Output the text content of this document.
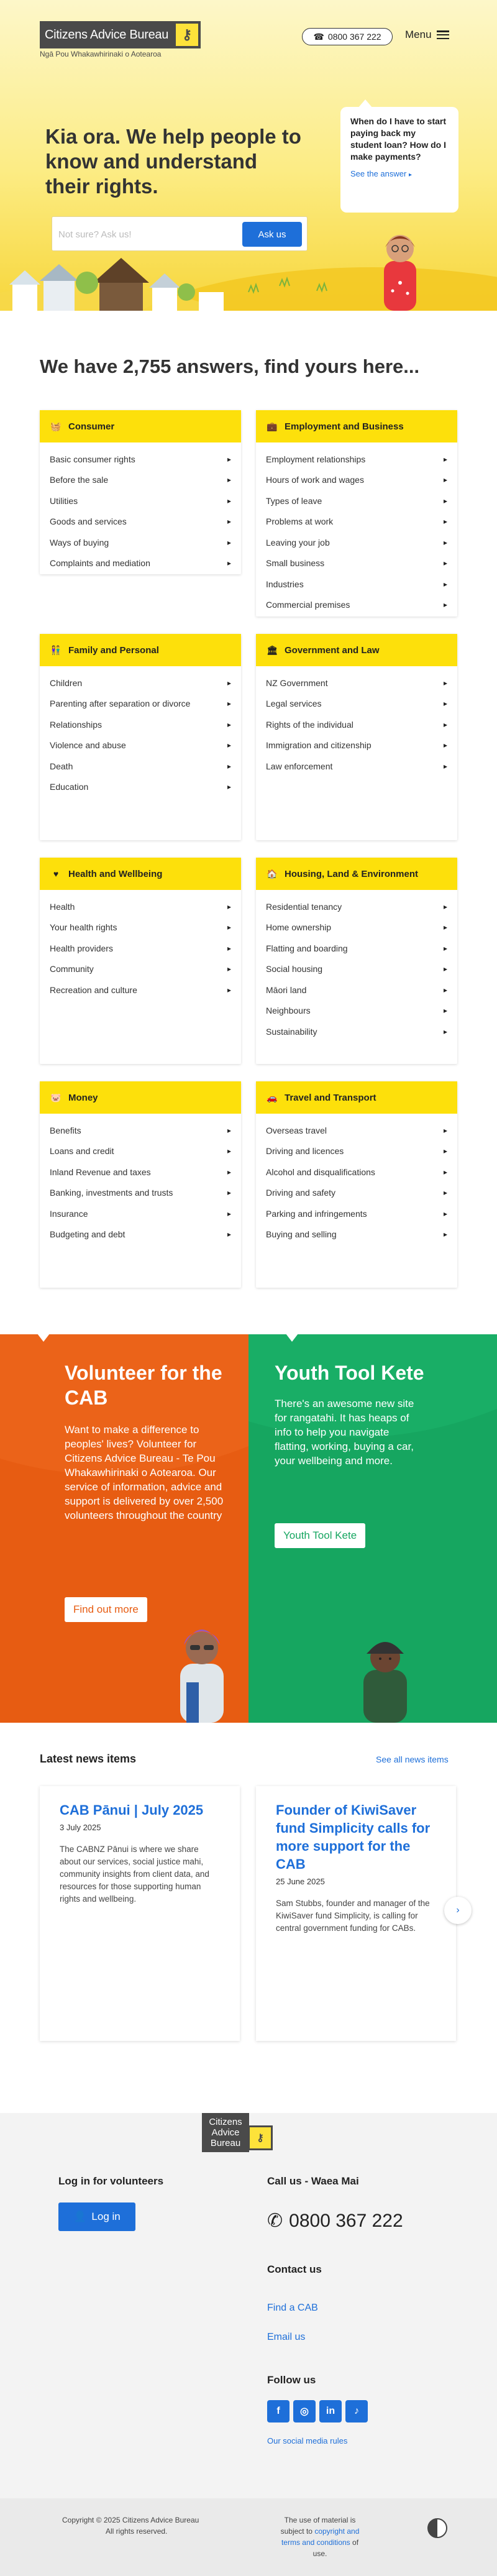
Citizens Advice Bureau ⚷
Ngā Pou Whakawhirinaki o Aotearoa
☎ 0800 367 222 Menu
Kia ora. We help people to know and understand their rights.
Not sure? Ask us!
Ask us

When do I have to start paying back my student loan? How do I make payments?

See the answer ▸
We have 2,755 answers, find yours here...
🧺 Consumer
Basic consumer rights	▸
Before the sale	▸
Utilities	▸
Goods and services	▸
Ways of buying	▸
Complaints and mediation	▸
💼 Employment and Business
Employment relationships	▸
Hours of work and wages	▸
Types of leave	▸
Problems at work	▸
Leaving your job	▸
Small business	▸
Industries	▸
Commercial premises	▸
👫 Family and Personal
Children	▸
Parenting after separation or divorce	▸
Relationships	▸
Violence and abuse	▸
Death	▸
Education	▸
🏛 Government and Law
NZ Government	▸
Legal services	▸
Rights of the individual	▸
Immigration and citizenship	▸
Law enforcement	▸
♥ Health and Wellbeing
Health	▸
Your health rights	▸
Health providers	▸
Community	▸
Recreation and culture	▸
🏠 Housing, Land & Environment
Residential tenancy	▸
Home ownership	▸
Flatting and boarding	▸
Social housing	▸
Māori land	▸
Neighbours	▸
Sustainability	▸
🐷 Money
Benefits	▸
Loans and credit	▸
Inland Revenue and taxes	▸
Banking, investments and trusts	▸
Insurance	▸
Budgeting and debt	▸
🚗 Travel and Transport
Overseas travel	▸
Driving and licences	▸
Alcohol and disqualifications	▸
Driving and safety	▸
Parking and infringements	▸
Buying and selling	▸
Volunteer for the CAB

Want to make a difference to peoples' lives? Volunteer for Citizens Advice Bureau - Te Pou Whakawhirinaki o Aotearoa. Our service of information, advice and support is delivered by over 2,500 volunteers throughout the country

Find out more
Youth Tool Kete

There's an awesome new site for rangatahi. It has heaps of info to help you navigate flatting, working, buying a car, your wellbeing and more.

Youth Tool Kete
Latest news items	See all news items
CAB Pānui | July 2025
3 July 2025

The CABNZ Pānui is where we share about our services, social justice mahi, community insights from client data, and resources for those supporting human rights and wellbeing.

Founder of KiwiSaver fund Simplicity calls for more support for the CAB
25 June 2025

Sam Stubbs, founder and manager of the KiwiSaver fund Simplicity, is calling for central government funding for CABs.

›
Citizens Advice Bureau	⚷
Log in for volunteers
👤 Log in
Call us - Waea Mai
✆ 0800 367 222
Contact us
Find a CAB
Email us
Follow us
f	◎	in	♪
Our social media rules
Copyright © 2025 Citizens Advice Bureau
All rights reserved.
The use of material is subject to copyright and terms and conditions of use.
